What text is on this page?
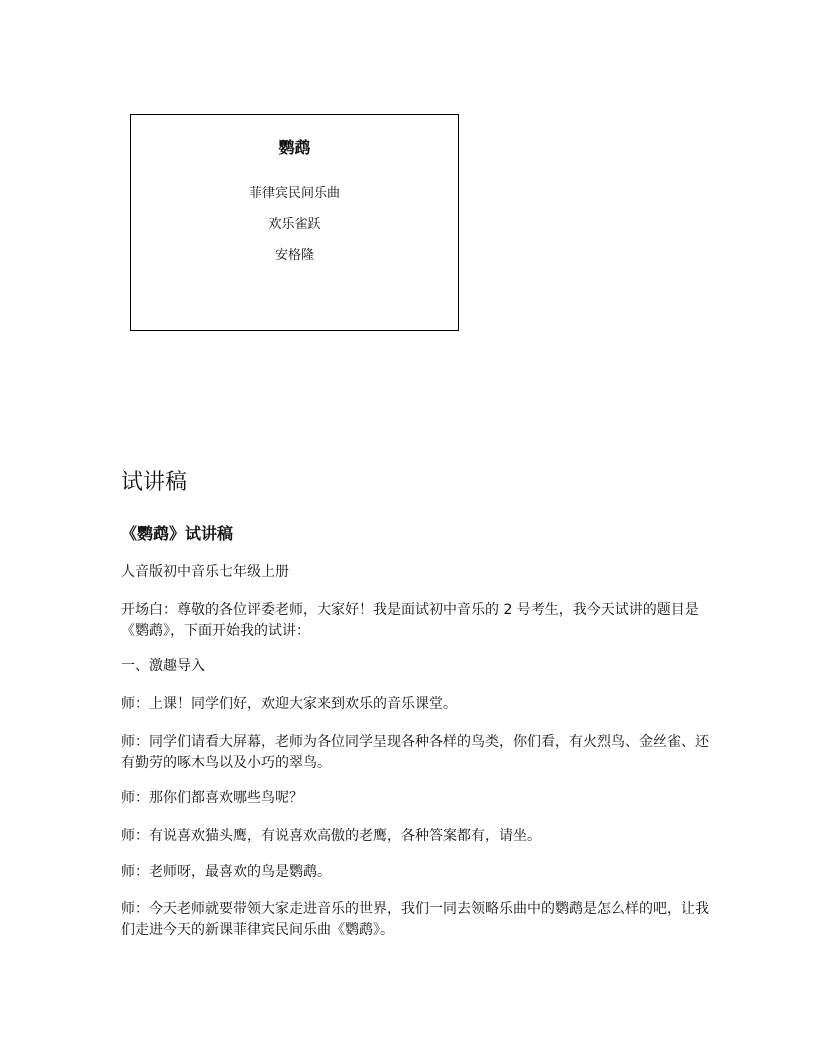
鹦鹉
菲律宾民间乐曲
欢乐雀跃
安格隆
试讲稿
《鹦鹉》试讲稿

人音版初中音乐七年级上册

开场白：尊敬的各位评委老师，大家好！我是面试初中音乐的 2 号考生，我今天试讲的题目是《鹦鹉》，下面开始我的试讲：

一、激趣导入

师：上课！同学们好，欢迎大家来到欢乐的音乐课堂。

师：同学们请看大屏幕，老师为各位同学呈现各种各样的鸟类，你们看，有火烈鸟、金丝雀、还有勤劳的啄木鸟以及小巧的翠鸟。

师：那你们都喜欢哪些鸟呢？

师：有说喜欢猫头鹰，有说喜欢高傲的老鹰，各种答案都有，请坐。

师：老师呀，最喜欢的鸟是鹦鹉。

师：今天老师就要带领大家走进音乐的世界，我们一同去领略乐曲中的鹦鹉是怎么样的吧，让我们走进今天的新课菲律宾民间乐曲《鹦鹉》。
